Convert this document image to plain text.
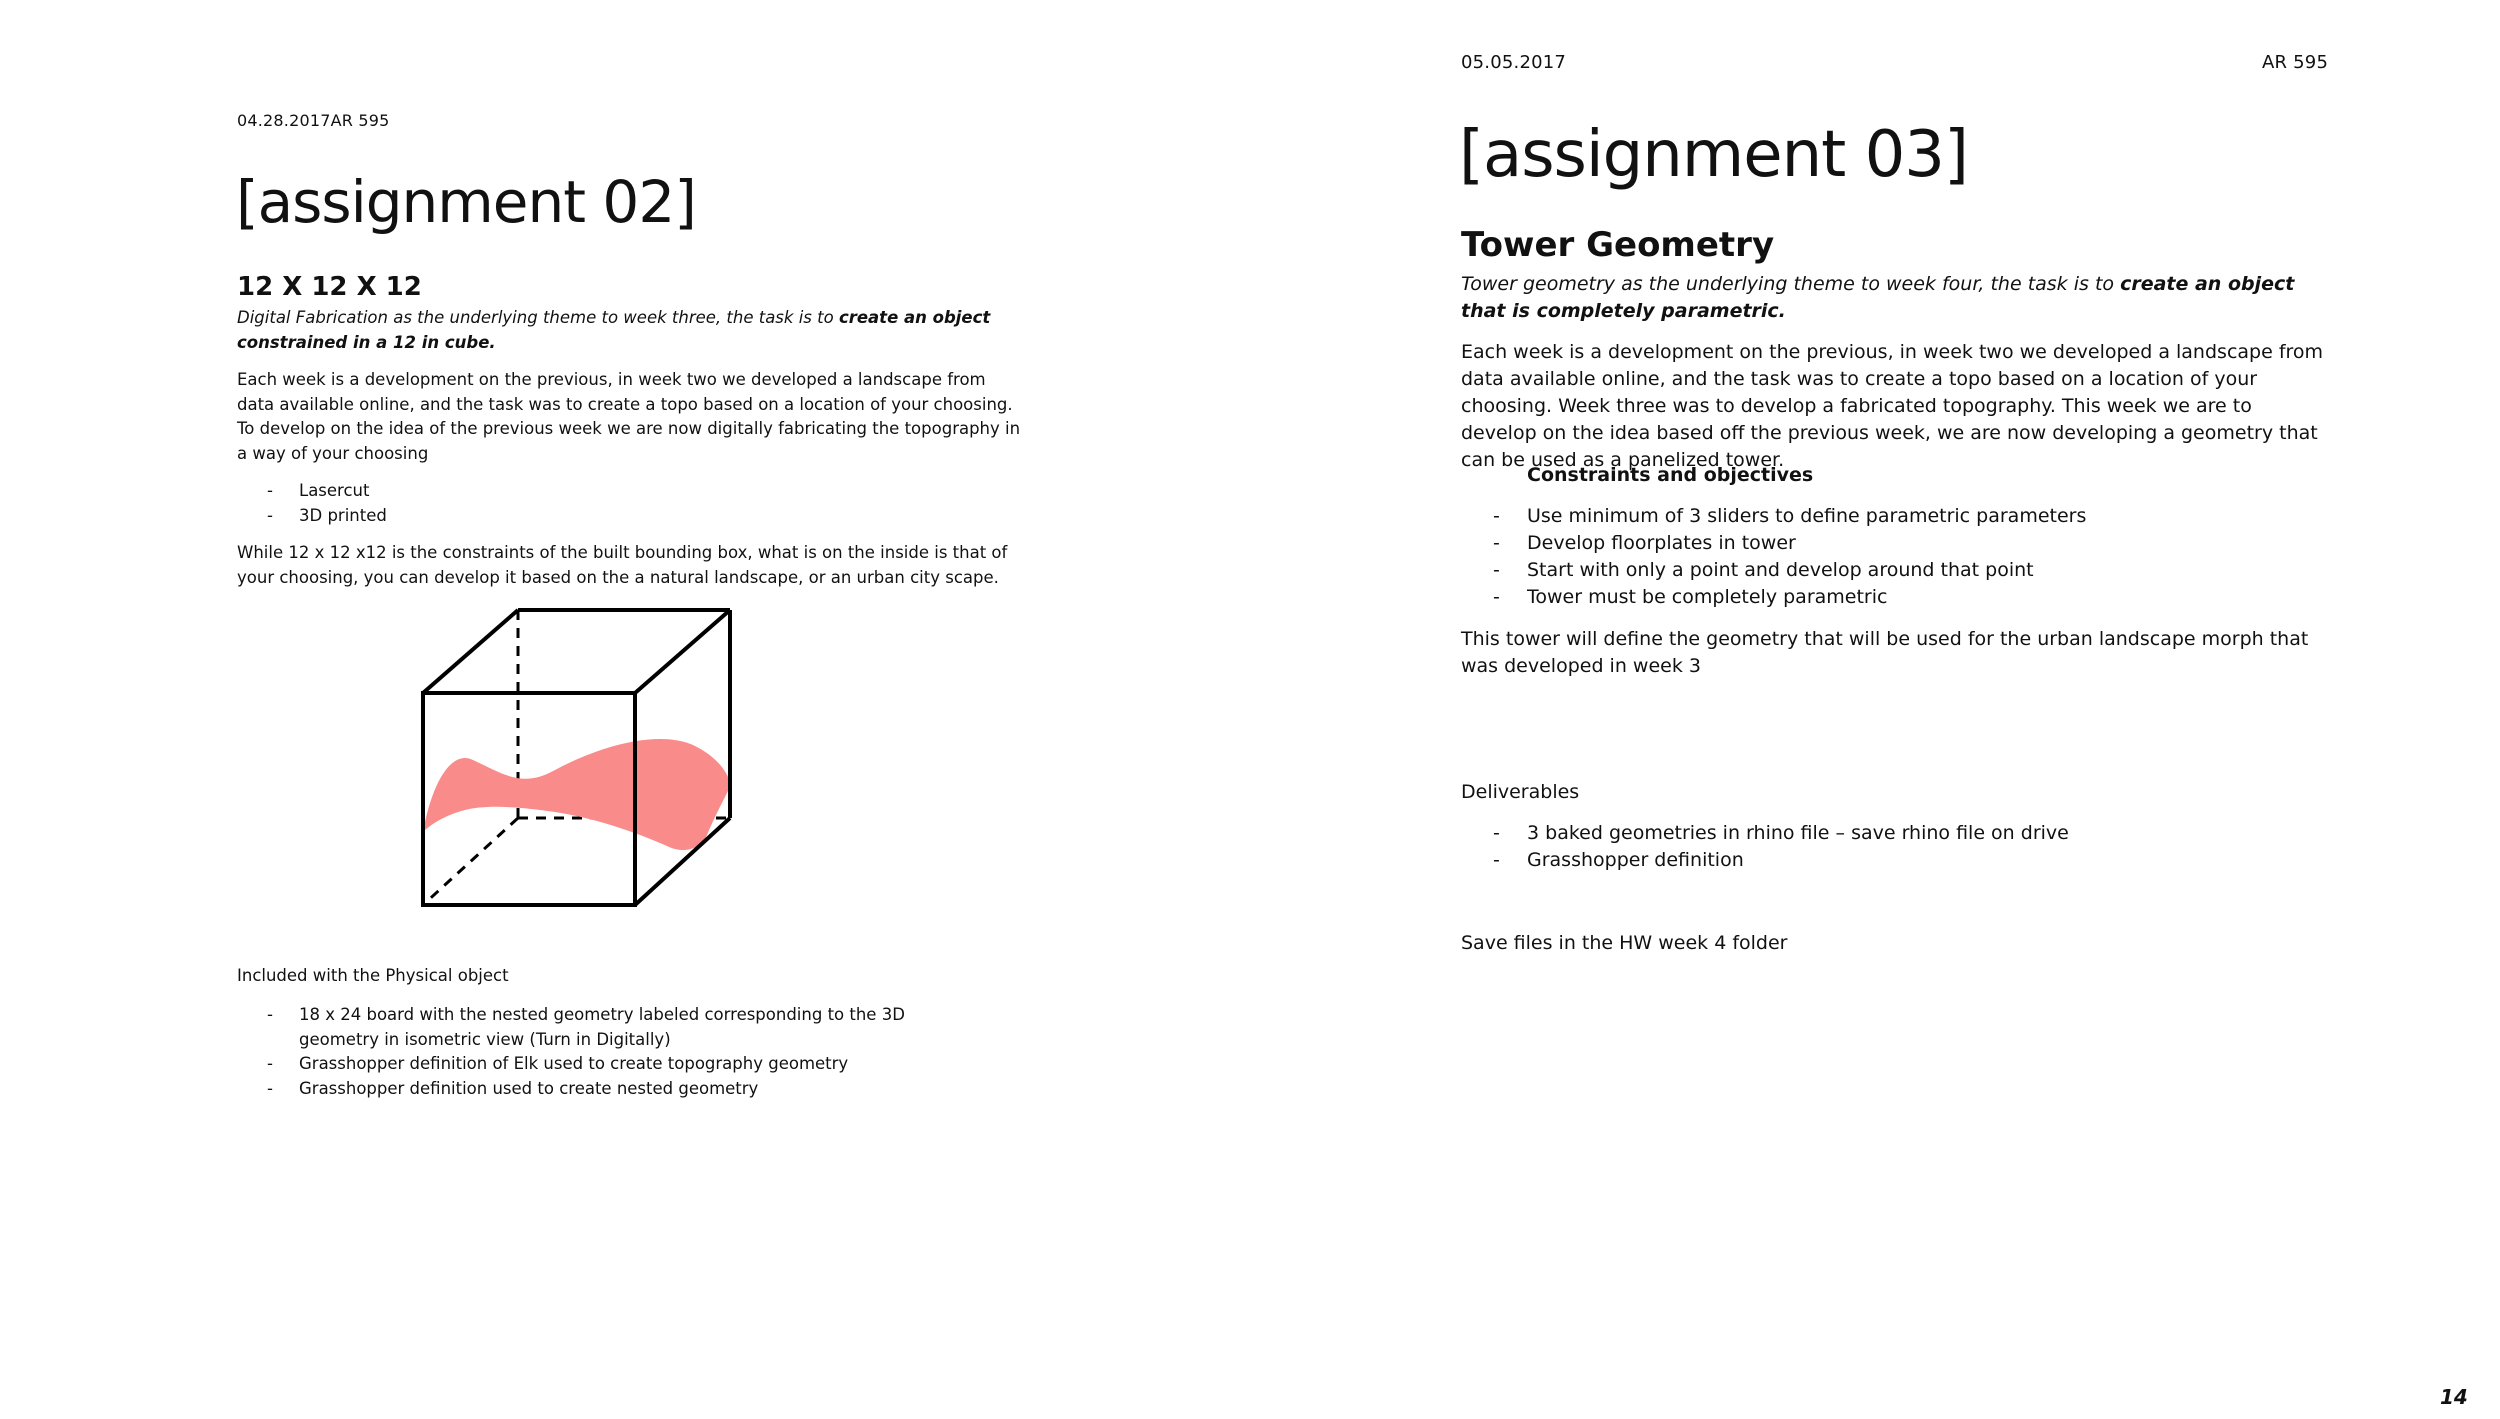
04.28.2017AR 595
[assignment 02]
12 X 12 X 12

Digital Fabrication as the underlying theme to week three, the task is to create an object constrained in a 12 in cube.

Each week is a development on the previous, in week two we developed a landscape from data available online, and the task was to create a topo based on a location of your choosing. To develop on the idea of the previous week we are now digitally fabricating the topography in a way of your choosing

- Lasercut
- 3D printed

While 12 x 12 x12 is the constraints of the built bounding box, what is on the inside is that of your choosing, you can develop it based on the a natural landscape, or an urban city scape.

Included with the Physical object

- 18 x 24 board with the nested geometry labeled corresponding to the 3D geometry in isometric view (Turn in Digitally)
- Grasshopper definition of Elk used to create topography geometry
- Grasshopper definition used to create nested geometry
05.05.2017	AR 595
[assignment 03]
Tower Geometry

Tower geometry as the underlying theme to week four, the task is to create an object that is completely parametric.

Each week is a development on the previous, in week two we developed a landscape from data available online, and the task was to create a topo based on a location of your choosing. Week three was to develop a fabricated topography. This week we are to develop on the idea based off the previous week, we are now developing a geometry that can be used as a panelized tower.

Constraints and objectives

- Use minimum of 3 sliders to define parametric parameters
- Develop floorplates in tower
- Start with only a point and develop around that point
- Tower must be completely parametric

This tower will define the geometry that will be used for the urban landscape morph that was developed in week 3

Deliverables

- 3 baked geometries in rhino file – save rhino file on drive
- Grasshopper definition

Save files in the HW week 4 folder

14
